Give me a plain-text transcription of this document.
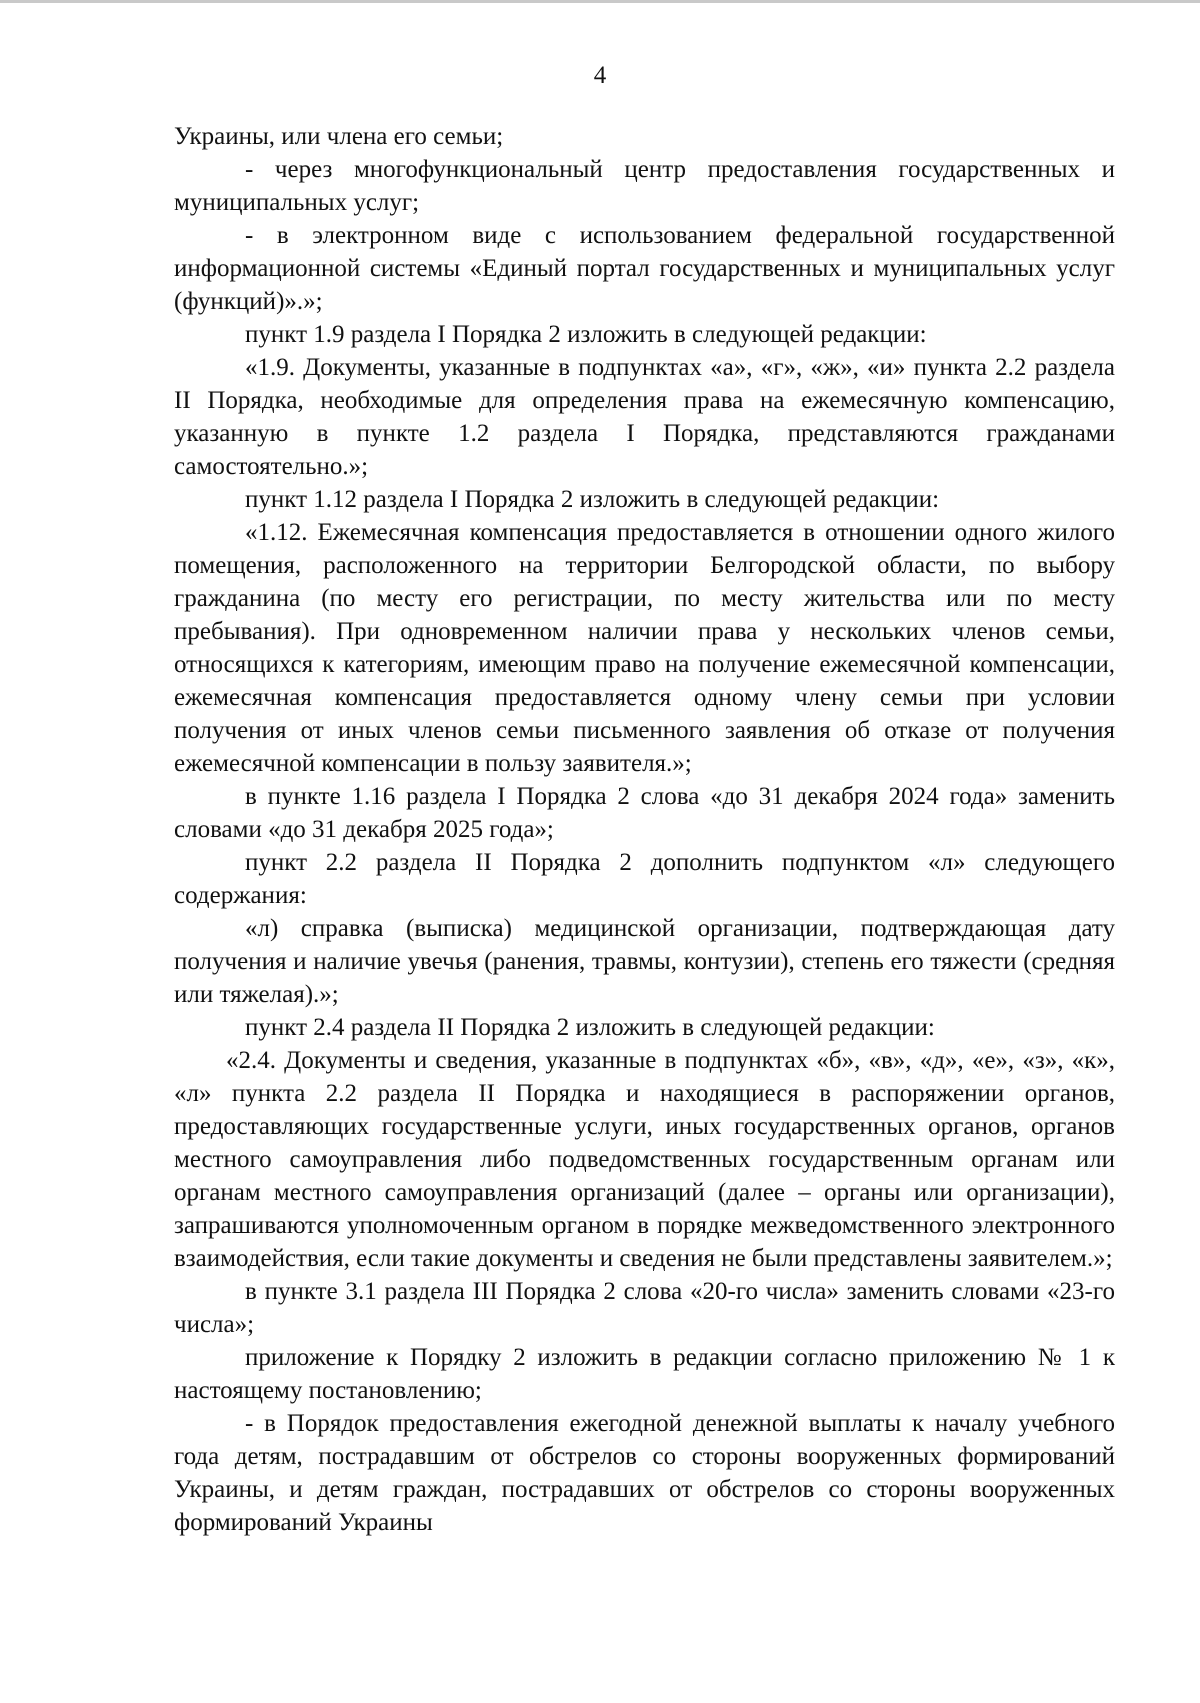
4

Украины, или члена его семьи;

- через многофункциональный центр предоставления государственных и муниципальных услуг;

- в электронном виде с использованием федеральной государственной информационной системы «Единый портал государственных и муниципальных услуг (функций)».»;

пункт 1.9 раздела I Порядка 2 изложить в следующей редакции:

«1.9. Документы, указанные в подпунктах «а», «г», «ж», «и» пункта 2.2 раздела II Порядка, необходимые для определения права на ежемесячную компенсацию, указанную в пункте 1.2 раздела I Порядка, представляются гражданами самостоятельно.»;

пункт 1.12 раздела I Порядка 2 изложить в следующей редакции:

«1.12. Ежемесячная компенсация предоставляется в отношении одного жилого помещения, расположенного на территории Белгородской области, по выбору гражданина (по месту его регистрации, по месту жительства или по месту пребывания). При одновременном наличии права у нескольких членов семьи, относящихся к категориям, имеющим право на получение ежемесячной компенсации, ежемесячная компенсация предоставляется одному члену семьи при условии получения от иных членов семьи письменного заявления об отказе от получения ежемесячной компенсации в пользу заявителя.»;

в пункте 1.16 раздела I Порядка 2 слова «до 31 декабря 2024 года» заменить словами «до 31 декабря 2025 года»;

пункт 2.2 раздела II Порядка 2 дополнить подпунктом «л» следующего содержания:

«л) справка (выписка) медицинской организации, подтверждающая дату получения и наличие увечья (ранения, травмы, контузии), степень его тяжести (средняя или тяжелая).»;

пункт 2.4 раздела II Порядка 2 изложить в следующей редакции:

«2.4. Документы и сведения, указанные в подпунктах «б», «в», «д», «е», «з», «к», «л» пункта 2.2 раздела II Порядка и находящиеся в распоряжении органов, предоставляющих государственные услуги, иных государственных органов, органов местного самоуправления либо подведомственных государственным органам или органам местного самоуправления организаций (далее – органы или организации), запрашиваются уполномоченным органом в порядке межведомственного электронного взаимодействия, если такие документы и сведения не были представлены заявителем.»;

в пункте 3.1 раздела III Порядка 2 слова «20-го числа» заменить словами «23-го числа»;

приложение к Порядку 2 изложить в редакции согласно приложению № 1 к настоящему постановлению;

- в Порядок предоставления ежегодной денежной выплаты к началу учебного года детям, пострадавшим от обстрелов со стороны вооруженных формирований Украины, и детям граждан, пострадавших от обстрелов со стороны вооруженных формирований Украины
